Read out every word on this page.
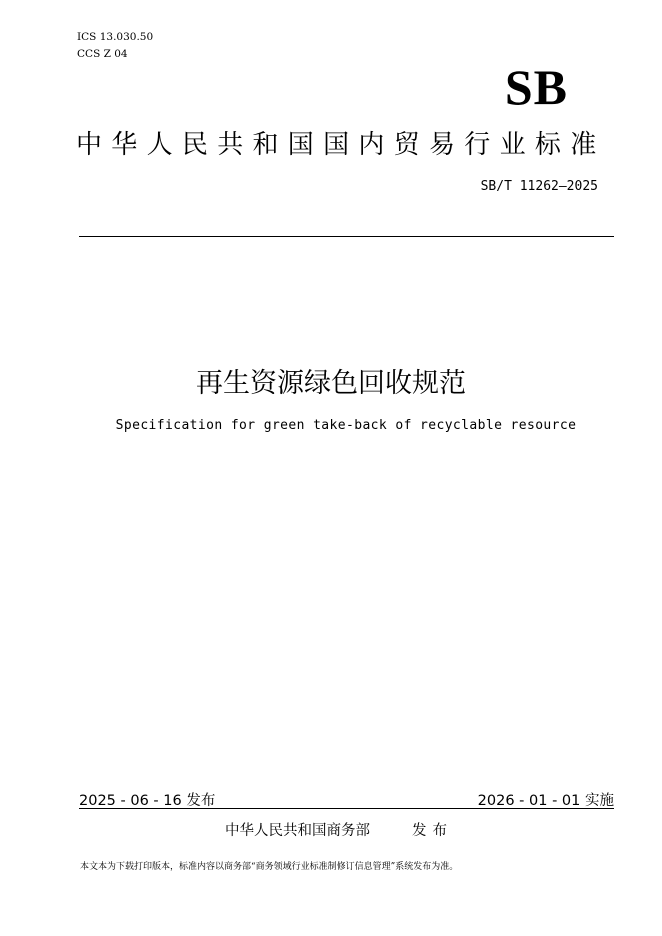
ICS 13.030.50
CCS Z 04
SB
中华人民共和国国内贸易行业标准
SB/T 11262—2025
再生资源绿色回收规范
Specification for green take-back of recyclable resource
2025 - 06 - 16 发布	2026 - 01 - 01 实施
中华人民共和国商务部	发布
本文本为下载打印版本，标准内容以商务部“商务领域行业标准制修订信息管理”系统发布为准。
